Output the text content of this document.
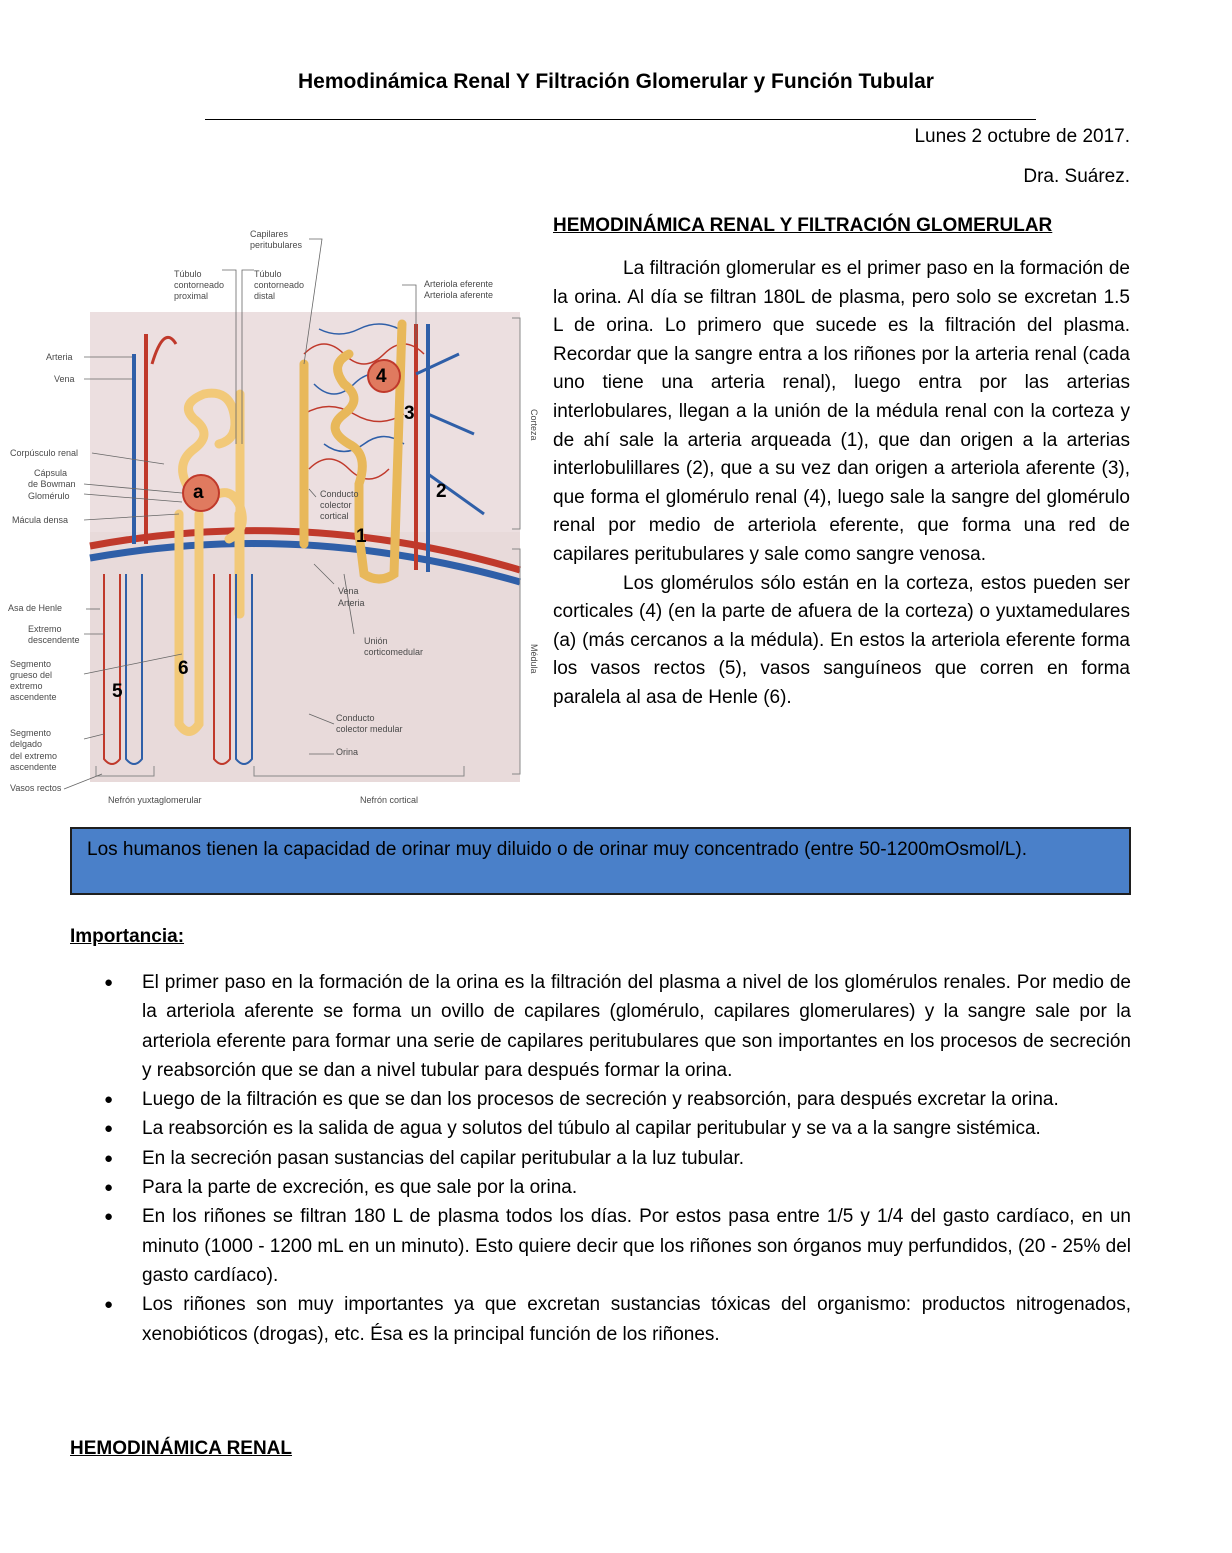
Hemodinámica Renal Y Filtración Glomerular y Función Tubular
Lunes 2 octubre de 2017.
Dra. Suárez.
Corteza
Médula
Capilares
peritubulares
Túbulo
contorneado
proximal
Túbulo
contorneado
distal
Arteriola eferente
Arteriola aferente
Arteria
Vena
Corpúsculo renal
Cápsula
de Bowman
Glomérulo
Mácula densa
Conducto
colector
cortical
Vena
Arteria
Unión
corticomedular
Asa de Henle
Extremo
descendente
Segmento
grueso del
extremo
ascendente
Conducto
colector medular
Orina
Segmento
delgado
del extremo
ascendente
Vasos rectos
Nefrón yuxtaglomerular	Nefrón cortical
4
3
a	2
1
6
5
HEMODINÁMICA RENAL Y FILTRACIÓN GLOMERULAR

La filtración glomerular es el primer paso en la formación de la orina. Al día se filtran 180L de plasma, pero solo se excretan 1.5 L de orina. Lo primero que sucede es la filtración del plasma. Recordar que la sangre entra a los riñones por la arteria renal (cada uno tiene una arteria renal), luego entra por las arterias interlobulares, llegan a la unión de la médula renal con la corteza y de ahí sale la arteria arqueada (1), que dan origen a la arterias interlobulillares (2), que a su vez dan origen a arteriola aferente (3), que forma el glomérulo renal (4), luego sale la sangre del glomérulo renal por medio de arteriola eferente, que forma una red de capilares peritubulares y sale como sangre venosa.

Los glomérulos sólo están en la corteza, estos pueden ser corticales (4) (en la parte de afuera de la corteza) o yuxtamedulares (a) (más cercanos a la médula). En estos la arteriola eferente forma los vasos rectos (5), vasos sanguíneos que corren en forma paralela al asa de Henle (6).

Los humanos tienen la capacidad de orinar muy diluido o de orinar muy concentrado (entre 50-1200mOsmol/L).
Importancia:
● El primer paso en la formación de la orina es la filtración del plasma a nivel de los glomérulos renales. Por medio de la arteriola aferente se forma un ovillo de capilares (glomérulo, capilares glomerulares) y la sangre sale por la arteriola eferente para formar una serie de capilares peritubulares que son importantes en los procesos de secreción y reabsorción que se dan a nivel tubular para después formar la orina.
● Luego de la filtración es que se dan los procesos de secreción y reabsorción, para después excretar la orina.
● La reabsorción es la salida de agua y solutos del túbulo al capilar peritubular y se va a la sangre sistémica.
● En la secreción pasan sustancias del capilar peritubular a la luz tubular.
● Para la parte de excreción, es que sale por la orina.
● En los riñones se filtran 180 L de plasma todos los días. Por estos pasa entre 1/5 y 1/4 del gasto cardíaco, en un minuto (1000 - 1200 mL en un minuto). Esto quiere decir que los riñones son órganos muy perfundidos, (20 - 25% del gasto cardíaco).
● Los riñones son muy importantes ya que excretan sustancias tóxicas del organismo: productos nitrogenados, xenobióticos (drogas), etc. Ésa es la principal función de los riñones.
HEMODINÁMICA RENAL
